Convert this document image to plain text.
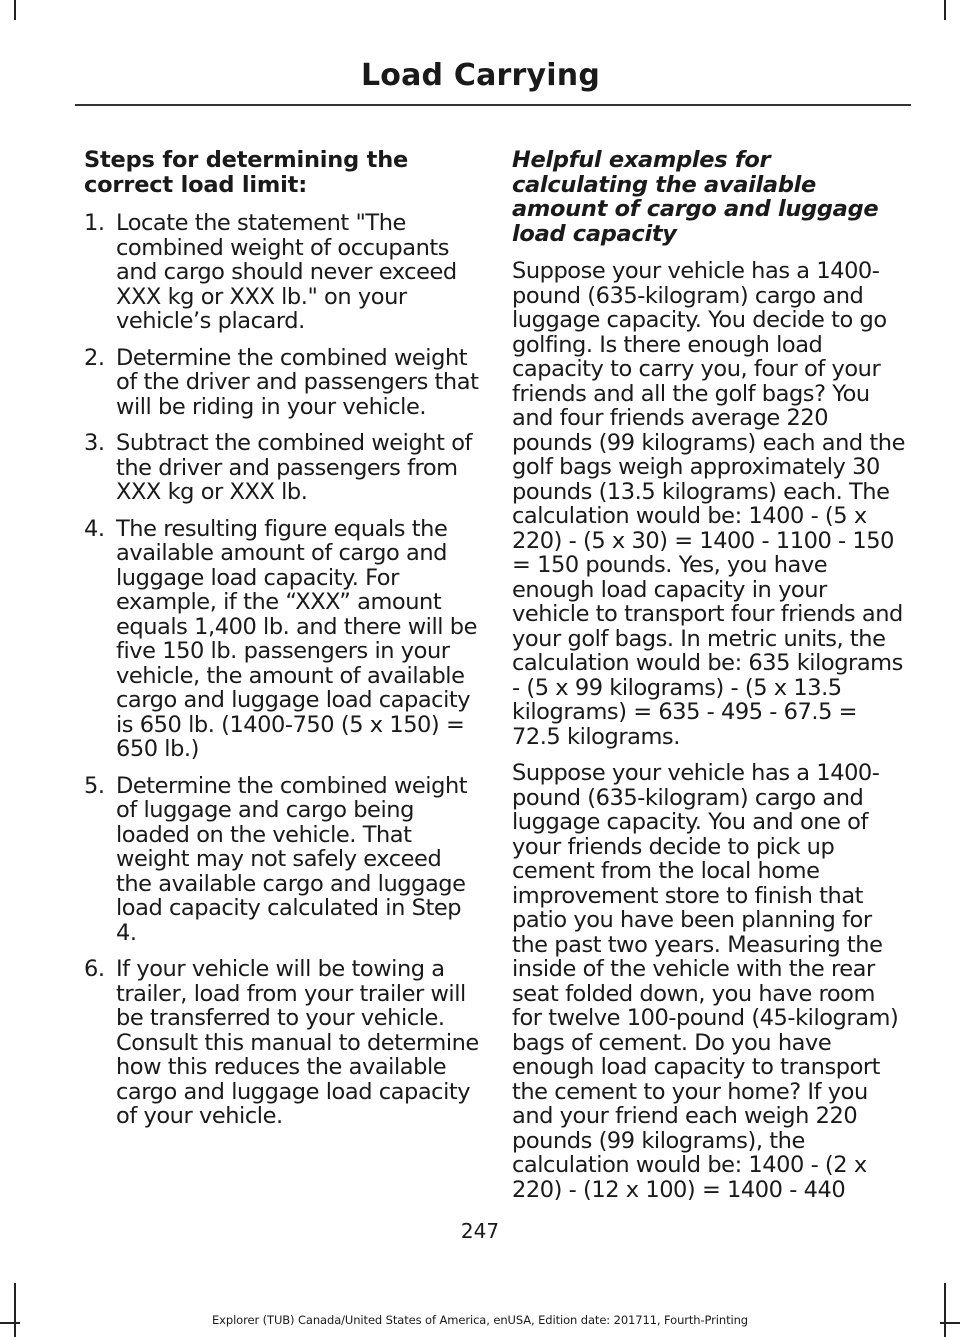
Load Carrying
Steps for determining the correct load limit:
1. Locate the statement "The combined weight of occupants and cargo should never exceed XXX kg or XXX lb." on your vehicle’s placard.
2. Determine the combined weight of the driver and passengers that will be riding in your vehicle.
3. Subtract the combined weight of the driver and passengers from XXX kg or XXX lb.
4. The resulting figure equals the available amount of cargo and luggage load capacity. For example, if the “XXX” amount equals 1,400 lb. and there will be five 150 lb. passengers in your vehicle, the amount of available cargo and luggage load capacity is 650 lb. (1400-750 (5 x 150) = 650 lb.)
5. Determine the combined weight of luggage and cargo being loaded on the vehicle. That weight may not safely exceed the available cargo and luggage load capacity calculated in Step 4.
6. If your vehicle will be towing a trailer, load from your trailer will be transferred to your vehicle. Consult this manual to determine how this reduces the available cargo and luggage load capacity of your vehicle.
Helpful examples for calculating the available amount of cargo and luggage load capacity

Suppose your vehicle has a 1400-pound (635-kilogram) cargo and luggage capacity. You decide to go golfing. Is there enough load capacity to carry you, four of your friends and all the golf bags? You and four friends average 220 pounds (99 kilograms) each and the golf bags weigh approximately 30 pounds (13.5 kilograms) each. The calculation would be: 1400 - (5 x 220) - (5 x 30) = 1400 - 1100 - 150 = 150 pounds. Yes, you have enough load capacity in your vehicle to transport four friends and your golf bags. In metric units, the calculation would be: 635 kilograms - (5 x 99 kilograms) - (5 x 13.5 kilograms) = 635 - 495 - 67.5 = 72.5 kilograms.

Suppose your vehicle has a 1400-pound (635-kilogram) cargo and luggage capacity. You and one of your friends decide to pick up cement from the local home improvement store to finish that patio you have been planning for the past two years. Measuring the inside of the vehicle with the rear seat folded down, you have room for twelve 100-pound (45-kilogram) bags of cement. Do you have enough load capacity to transport the cement to your home? If you and your friend each weigh 220 pounds (99 kilograms), the calculation would be: 1400 - (2 x 220) - (12 x 100) = 1400 - 440

247
Explorer (TUB) Canada/United States of America, enUSA, Edition date: 201711, Fourth-Printing
